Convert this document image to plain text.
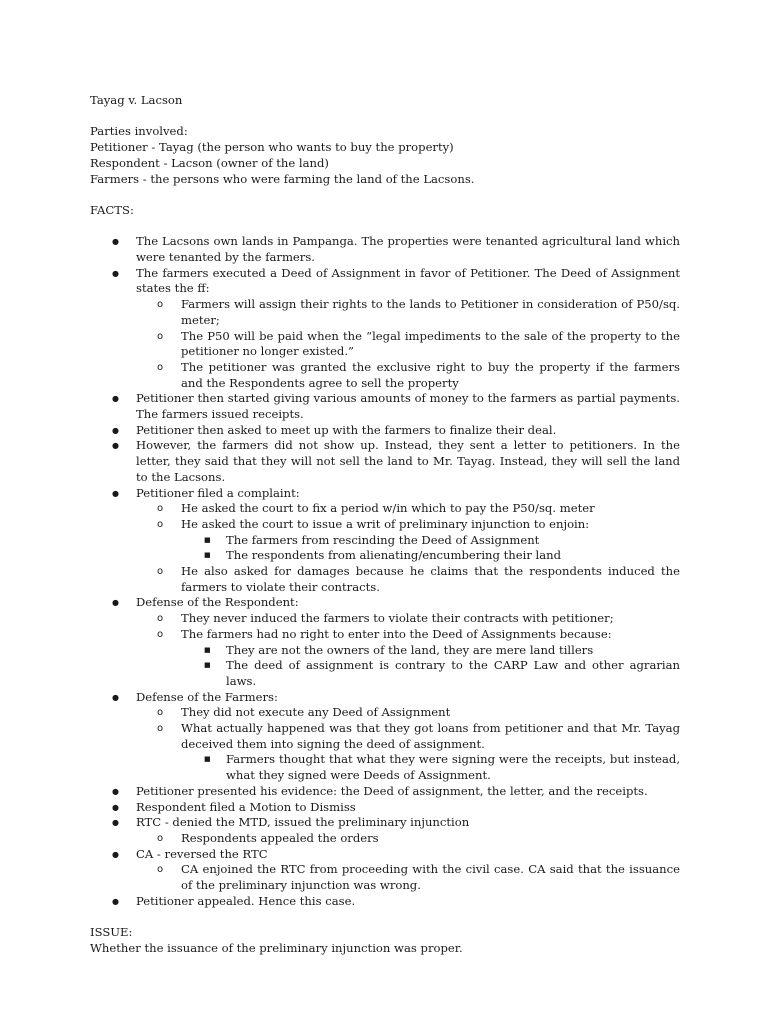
Tayag v. Lacson

Parties involved:

Petitioner - Tayag (the person who wants to buy the property)

Respondent - Lacson (owner of the land)

Farmers - the persons who were farming the land of the Lacsons.

FACTS:

● The Lacsons own lands in Pampanga. The properties were tenanted agricultural land which were tenanted by the farmers.
● The farmers executed a Deed of Assignment in favor of Petitioner. The Deed of Assignment states the ff:
o Farmers will assign their rights to the lands to Petitioner in consideration of P50/sq. meter;
o The P50 will be paid when the “legal impediments to the sale of the property to the petitioner no longer existed.”
o The petitioner was granted the exclusive right to buy the property if the farmers and the Respondents agree to sell the property
● Petitioner then started giving various amounts of money to the farmers as partial payments. The farmers issued receipts.
● Petitioner then asked to meet up with the farmers to finalize their deal.
● However, the farmers did not show up. Instead, they sent a letter to petitioners. In the letter, they said that they will not sell the land to Mr. Tayag. Instead, they will sell the land to the Lacsons.
● Petitioner filed a complaint:
o He asked the court to fix a period w/in which to pay the P50/sq. meter
o He asked the court to issue a writ of preliminary injunction to enjoin:
■ The farmers from rescinding the Deed of Assignment
■ The respondents from alienating/encumbering their land
o He also asked for damages because he claims that the respondents induced the farmers to violate their contracts.
● Defense of the Respondent:
o They never induced the farmers to violate their contracts with petitioner;
o The farmers had no right to enter into the Deed of Assignments because:
■ They are not the owners of the land, they are mere land tillers
■ The deed of assignment is contrary to the CARP Law and other agrarian laws.
● Defense of the Farmers:
o They did not execute any Deed of Assignment
o What actually happened was that they got loans from petitioner and that Mr. Tayag deceived them into signing the deed of assignment.
■ Farmers thought that what they were signing were the receipts, but instead, what they signed were Deeds of Assignment.
● Petitioner presented his evidence: the Deed of assignment, the letter, and the receipts.
● Respondent filed a Motion to Dismiss
● RTC - denied the MTD, issued the preliminary injunction
o Respondents appealed the orders
● CA - reversed the RTC
o CA enjoined the RTC from proceeding with the civil case. CA said that the issuance of the preliminary injunction was wrong.
● Petitioner appealed. Hence this case.

ISSUE:

Whether the issuance of the preliminary injunction was proper.
